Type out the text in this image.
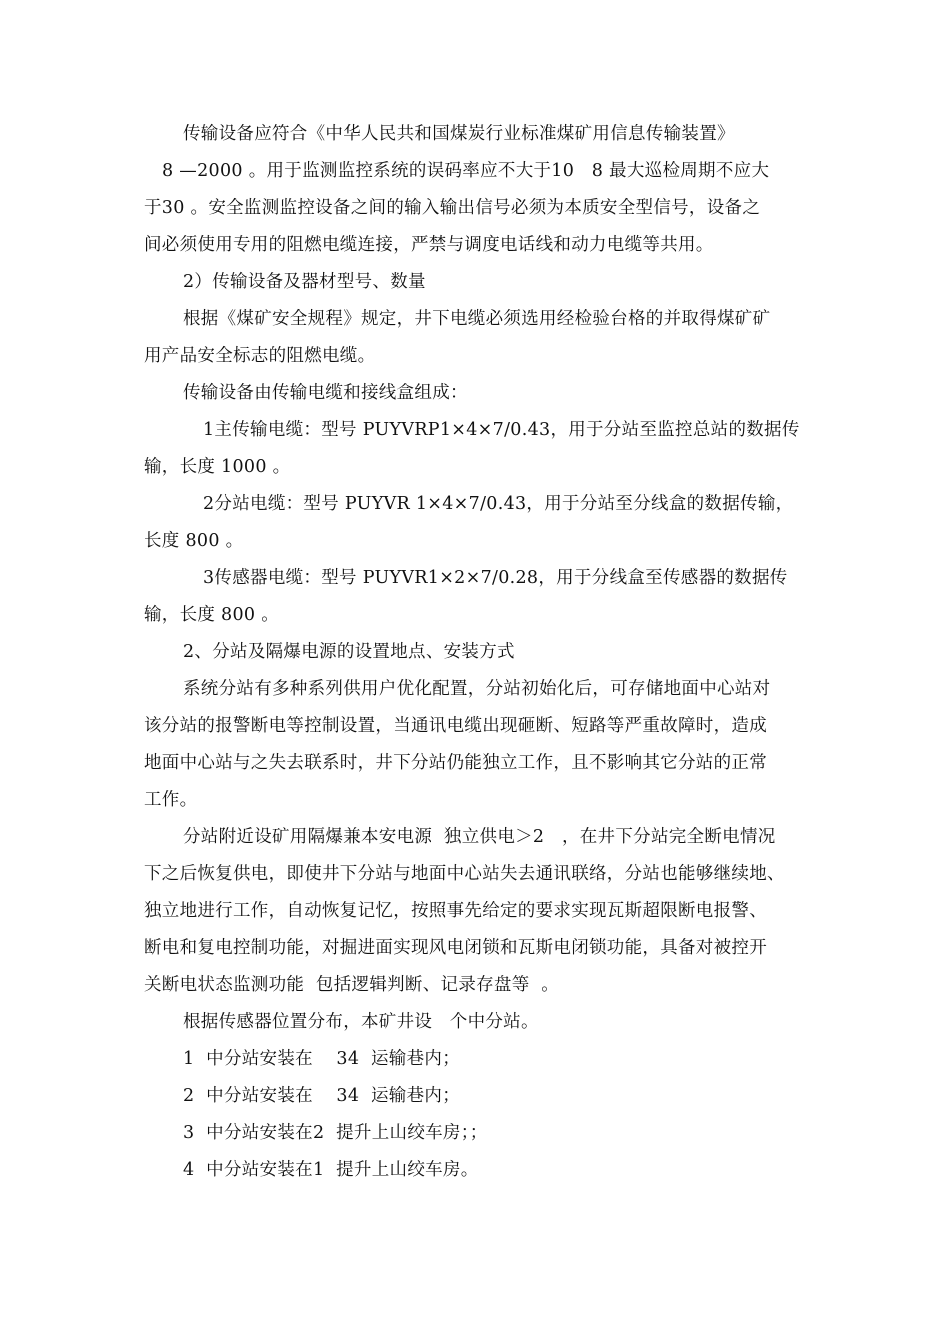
传输设备应符合《中华人民共和国煤炭行业标准煤矿用信息传输装置》

8 —2000 。用于监测监控系统的误码率应不大于10   8 最大巡检周期不应大

于30 。安全监测监控设备之间的输入输出信号必须为本质安全型信号，设备之

间必须使用专用的阻燃电缆连接，严禁与调度电话线和动力电缆等共用。

2）传输设备及器材型号、数量

根据《煤矿安全规程》规定，井下电缆必须选用经检验台格的并取得煤矿矿

用产品安全标志的阻燃电缆。

传输设备由传输电缆和接线盒组成：

1主传输电缆：型号 PUYVRP1×4×7/0.43，用于分站至监控总站的数据传

输，长度 1000 。

2分站电缆：型号 PUYVR 1×4×7/0.43，用于分站至分线盒的数据传输，

长度 800 。

3传感器电缆：型号 PUYVR1×2×7/0.28，用于分线盒至传感器的数据传

输，长度 800 。

2、分站及隔爆电源的设置地点、安装方式

系统分站有多种系列供用户优化配置，分站初始化后，可存储地面中心站对

该分站的报警断电等控制设置，当通讯电缆出现砸断、短路等严重故障时，造成

地面中心站与之失去联系时，井下分站仍能独立工作，且不影响其它分站的正常

工作。

分站附近设矿用隔爆兼本安电源  独立供电＞2   ，在井下分站完全断电情况

下之后恢复供电，即使井下分站与地面中心站失去通讯联络，分站也能够继续地、

独立地进行工作，自动恢复记忆，按照事先给定的要求实现瓦斯超限断电报警、

断电和复电控制功能，对掘进面实现风电闭锁和瓦斯电闭锁功能，具备对被控开

关断电状态监测功能  包括逻辑判断、记录存盘等  。

根据传感器位置分布，本矿井设   个中分站。

1  中分站安装在    34  运输巷内；

2  中分站安装在    34  运输巷内；

3  中分站安装在2  提升上山绞车房；；

4  中分站安装在1  提升上山绞车房。
